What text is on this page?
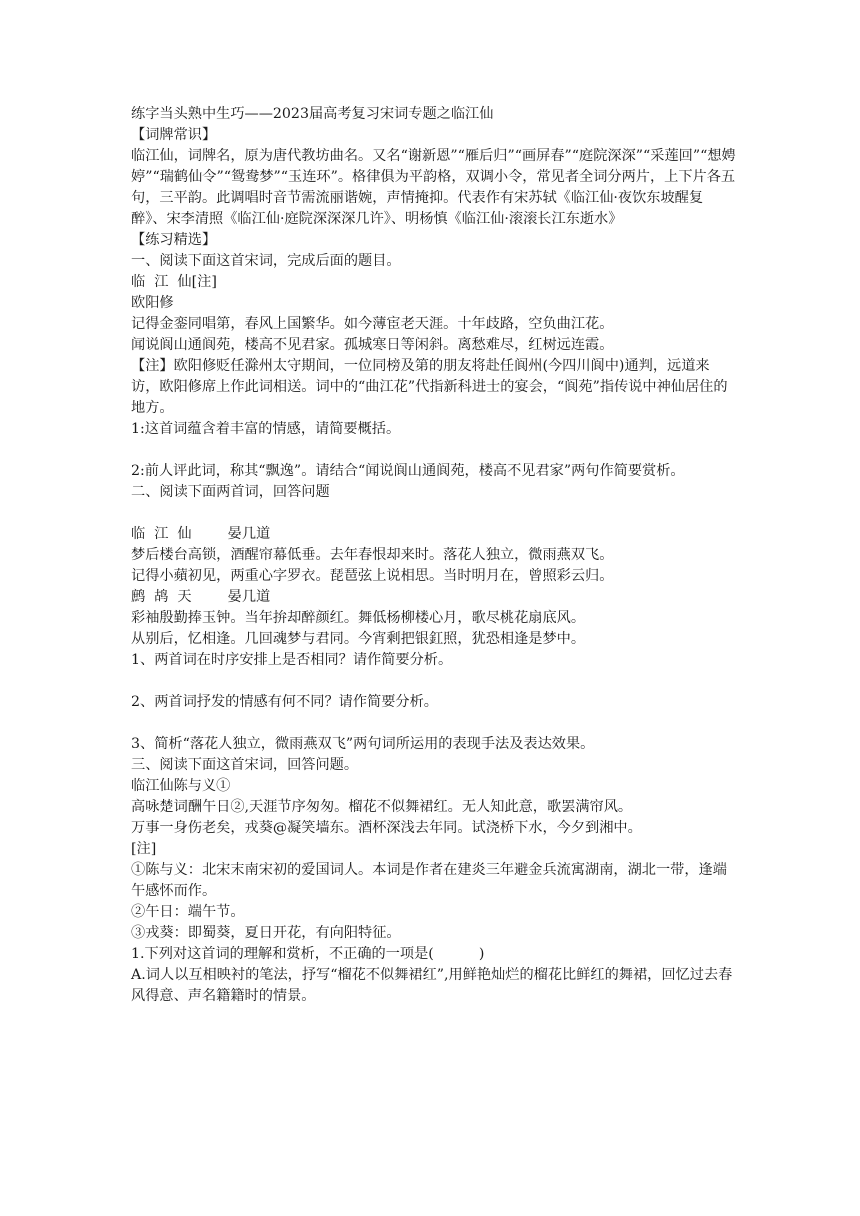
练字当头熟中生巧——2023届高考复习宋词专题之临江仙
【词牌常识】
临江仙，词牌名，原为唐代教坊曲名。又名“谢新恩”“雁后归”“画屏春”“庭院深深”“采莲回”“想娉婷”“瑞鹤仙令”“鸳鸯梦”“玉连环”。格律俱为平韵格，双调小令，常见者全词分两片，上下片各五句，三平韵。此调唱时音节需流丽谐婉，声情掩抑。代表作有宋苏轼《临江仙·夜饮东坡醒复醉》、宋李清照《临江仙·庭院深深深几许》、明杨慎《临江仙·滚滚长江东逝水》
【练习精选】
一、阅读下面这首宋词，完成后面的题目。
临  江  仙[注]
欧阳修
记得金銮同唱第，春风上国繁华。如今薄宦老天涯。十年歧路，空负曲江花。
闻说阆山通阆苑，楼高不见君家。孤城寒日等闲斜。离愁难尽，红树远连霞。
【注】欧阳修贬任滁州太守期间，一位同榜及第的朋友将赴任阆州(今四川阆中)通判，远道来访，欧阳修席上作此词相送。词中的“曲江花”代指新科进士的宴会，“阆苑”指传说中神仙居住的地方。
1:这首词蕴含着丰富的情感，请简要概括。
2:前人评此词，称其“飘逸”。请结合“闻说阆山通阆苑，楼高不见君家”两句作简要赏析。
二、阅读下面两首词，回答问题
临  江  仙        晏几道
梦后楼台高锁，酒醒帘幕低垂。去年春恨却来时。落花人独立，微雨燕双飞。
记得小蘋初见，两重心字罗衣。琵琶弦上说相思。当时明月在，曾照彩云归。
鹧  鸪  天        晏几道
彩袖殷勤捧玉钟。当年拚却醉颜红。舞低杨柳楼心月，歌尽桃花扇底风。
从别后，忆相逢。几回魂梦与君同。今宵剩把银釭照，犹恐相逢是梦中。
1、两首词在时序安排上是否相同？请作简要分析。
2、两首词抒发的情感有何不同？请作简要分析。
3、简析“落花人独立，微雨燕双飞”两句词所运用的表现手法及表达效果。
三、阅读下面这首宋词，回答问题。
临江仙陈与义①
高咏楚词酬午日②,天涯节序匆匆。榴花不似舞裙红。无人知此意，歌罢满帘风。
万事一身伤老矣，戎葵@凝笑墙东。酒杯深浅去年同。试浇桥下水，今夕到湘中。
[注]
①陈与义：北宋末南宋初的爱国词人。本词是作者在建炎三年避金兵流寓湖南，湖北一带，逢端午感怀而作。
②午日：端午节。
③戎葵：即蜀葵，夏日开花，有向阳特征。
1.下列对这首词的理解和赏析，不正确的一项是(          )
A.词人以互相映衬的笔法，抒写“榴花不似舞裙红”,用鲜艳灿烂的榴花比鲜红的舞裙，回忆过去春风得意、声名籍籍时的情景。
